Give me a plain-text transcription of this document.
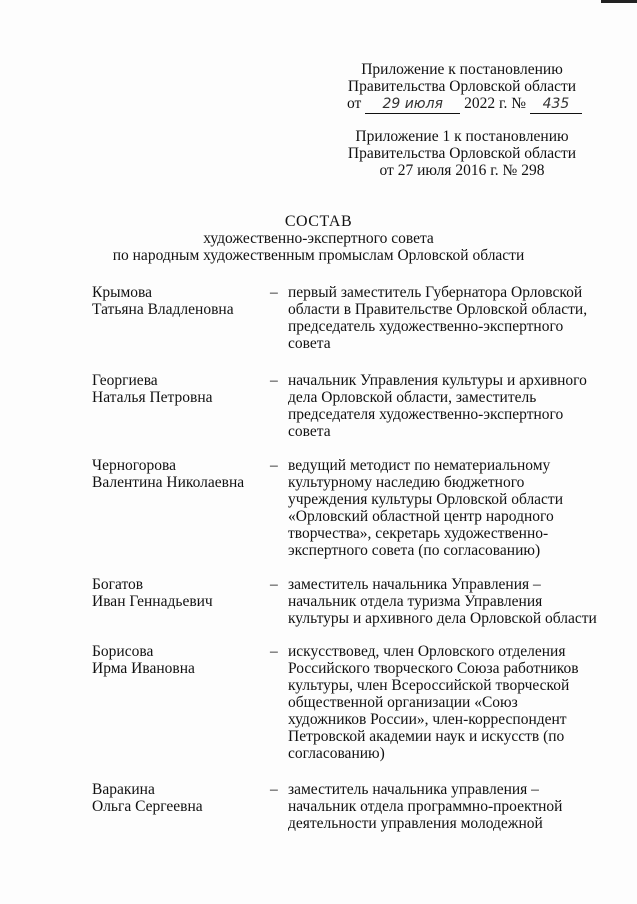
Приложение к постановлению
Правительства Орловской области
от 29 июля 2022 г. № 435
Приложение 1 к постановлению
Правительства Орловской области
от 27 июля 2016 г. № 298
СОСТАВ
художественно-экспертного совета
по народным художественным промыслам Орловской области
Крымова
Татьяна Владленовна
– первый заместитель Губернатора Орловской
области в Правительстве Орловской области,
председатель художественно-экспертного
совета
Георгиева
Наталья Петровна
– начальник Управления культуры и архивного
дела Орловской области, заместитель
председателя художественно-экспертного
совета
Черногорова
Валентина Николаевна
– ведущий методист по нематериальному
культурному наследию бюджетного
учреждения культуры Орловской области
«Орловский областной центр народного
творчества», секретарь художественно-
экспертного совета (по согласованию)
Богатов
Иван Геннадьевич
– заместитель начальника Управления –
начальник отдела туризма Управления
культуры и архивного дела Орловской области
Борисова
Ирма Ивановна
– искусствовед, член Орловского отделения
Российского творческого Союза работников
культуры, член Всероссийской творческой
общественной организации «Союз
художников России», член-корреспондент
Петровской академии наук и искусств (по
согласованию)
Варакина
Ольга Сергеевна
– заместитель начальника управления –
начальник отдела программно-проектной
деятельности управления молодежной
